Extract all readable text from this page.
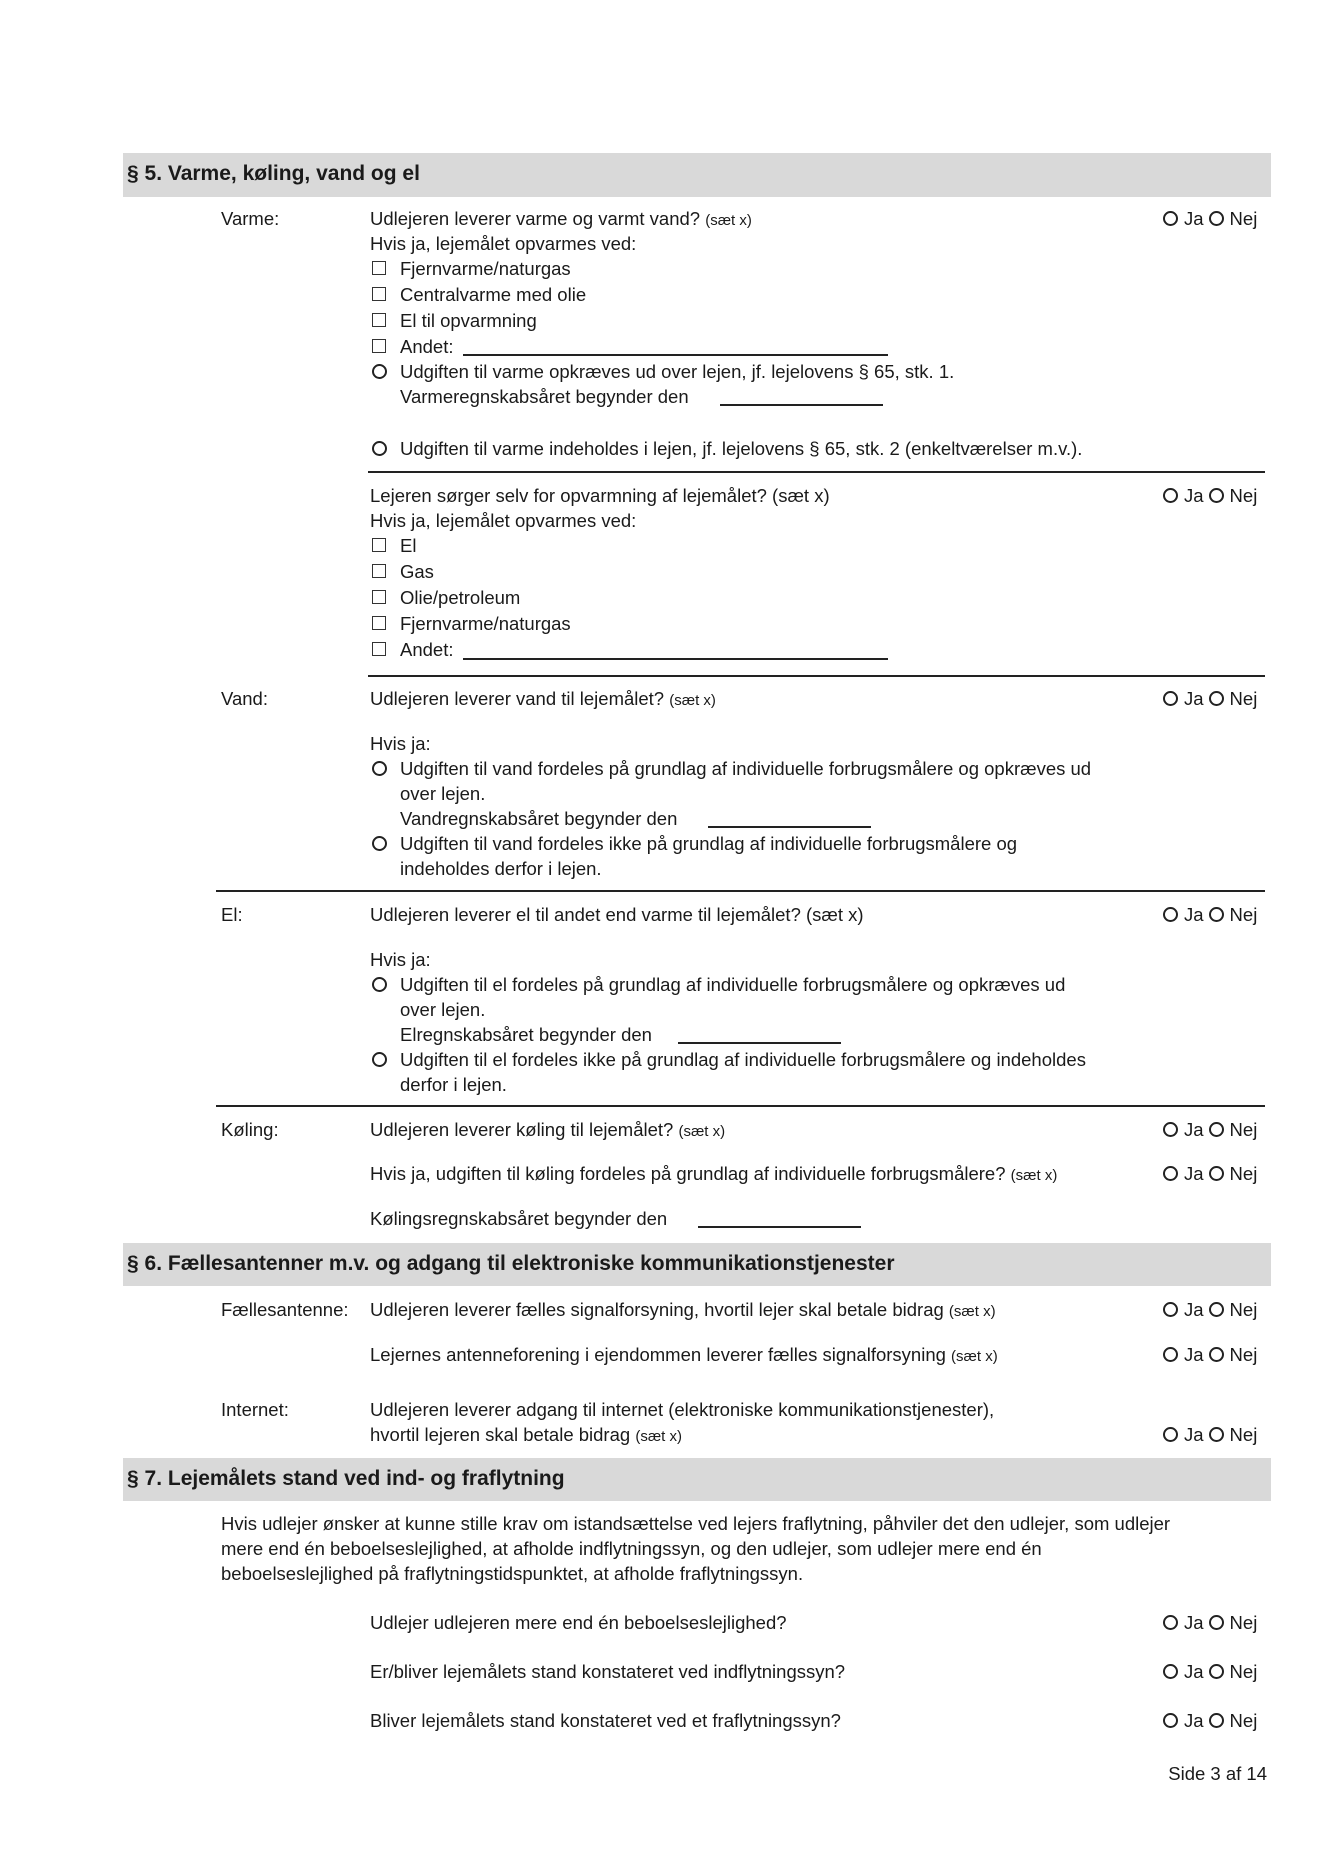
§ 5. Varme, køling, vand og el
Varme:	Udlejeren leverer varme og varmt vand? (sæt x)	Ja Nej
Hvis ja, lejemålet opvarmes ved:
Fjernvarme/naturgas
Centralvarme med olie
El til opvarmning
Andet:
Udgiften til varme opkræves ud over lejen, jf. lejelovens § 65, stk. 1.
Varmeregnskabsåret begynder den
Udgiften til varme indeholdes i lejen, jf. lejelovens § 65, stk. 2 (enkeltværelser m.v.).
Lejeren sørger selv for opvarmning af lejemålet? (sæt x)	Ja Nej
Hvis ja, lejemålet opvarmes ved:
El
Gas
Olie/petroleum
Fjernvarme/naturgas
Andet:
Vand:	Udlejeren leverer vand til lejemålet? (sæt x)	Ja Nej
Hvis ja:
Udgiften til vand fordeles på grundlag af individuelle forbrugsmålere og opkræves ud
over lejen.
Vandregnskabsåret begynder den
Udgiften til vand fordeles ikke på grundlag af individuelle forbrugsmålere og
indeholdes derfor i lejen.
El:	Udlejeren leverer el til andet end varme til lejemålet? (sæt x)	Ja Nej
Hvis ja:
Udgiften til el fordeles på grundlag af individuelle forbrugsmålere og opkræves ud
over lejen.
Elregnskabsåret begynder den
Udgiften til el fordeles ikke på grundlag af individuelle forbrugsmålere og indeholdes
derfor i lejen.
Køling:	Udlejeren leverer køling til lejemålet? (sæt x)	Ja Nej
Hvis ja, udgiften til køling fordeles på grundlag af individuelle forbrugsmålere? (sæt x)	Ja Nej
Kølingsregnskabsåret begynder den
§ 6. Fællesantenner m.v. og adgang til elektroniske kommunikationstjenester
Fællesantenne: Udlejeren leverer fælles signalforsyning, hvortil lejer skal betale bidrag (sæt x)	Ja Nej
Lejernes antenneforening i ejendommen leverer fælles signalforsyning (sæt x)	Ja Nej
Internet:	Udlejeren leverer adgang til internet (elektroniske kommunikationstjenester),
hvortil lejeren skal betale bidrag (sæt x)	Ja Nej
§ 7. Lejemålets stand ved ind- og fraflytning
Hvis udlejer ønsker at kunne stille krav om istandsættelse ved lejers fraflytning, påhviler det den udlejer, som udlejer
mere end én beboelseslejlighed, at afholde indflytningssyn, og den udlejer, som udlejer mere end én
beboelseslejlighed på fraflytningstidspunktet, at afholde fraflytningssyn.
Udlejer udlejeren mere end én beboelseslejlighed?	Ja Nej
Er/bliver lejemålets stand konstateret ved indflytningssyn?	Ja Nej
Bliver lejemålets stand konstateret ved et fraflytningssyn?	Ja Nej
Side 3 af 14
